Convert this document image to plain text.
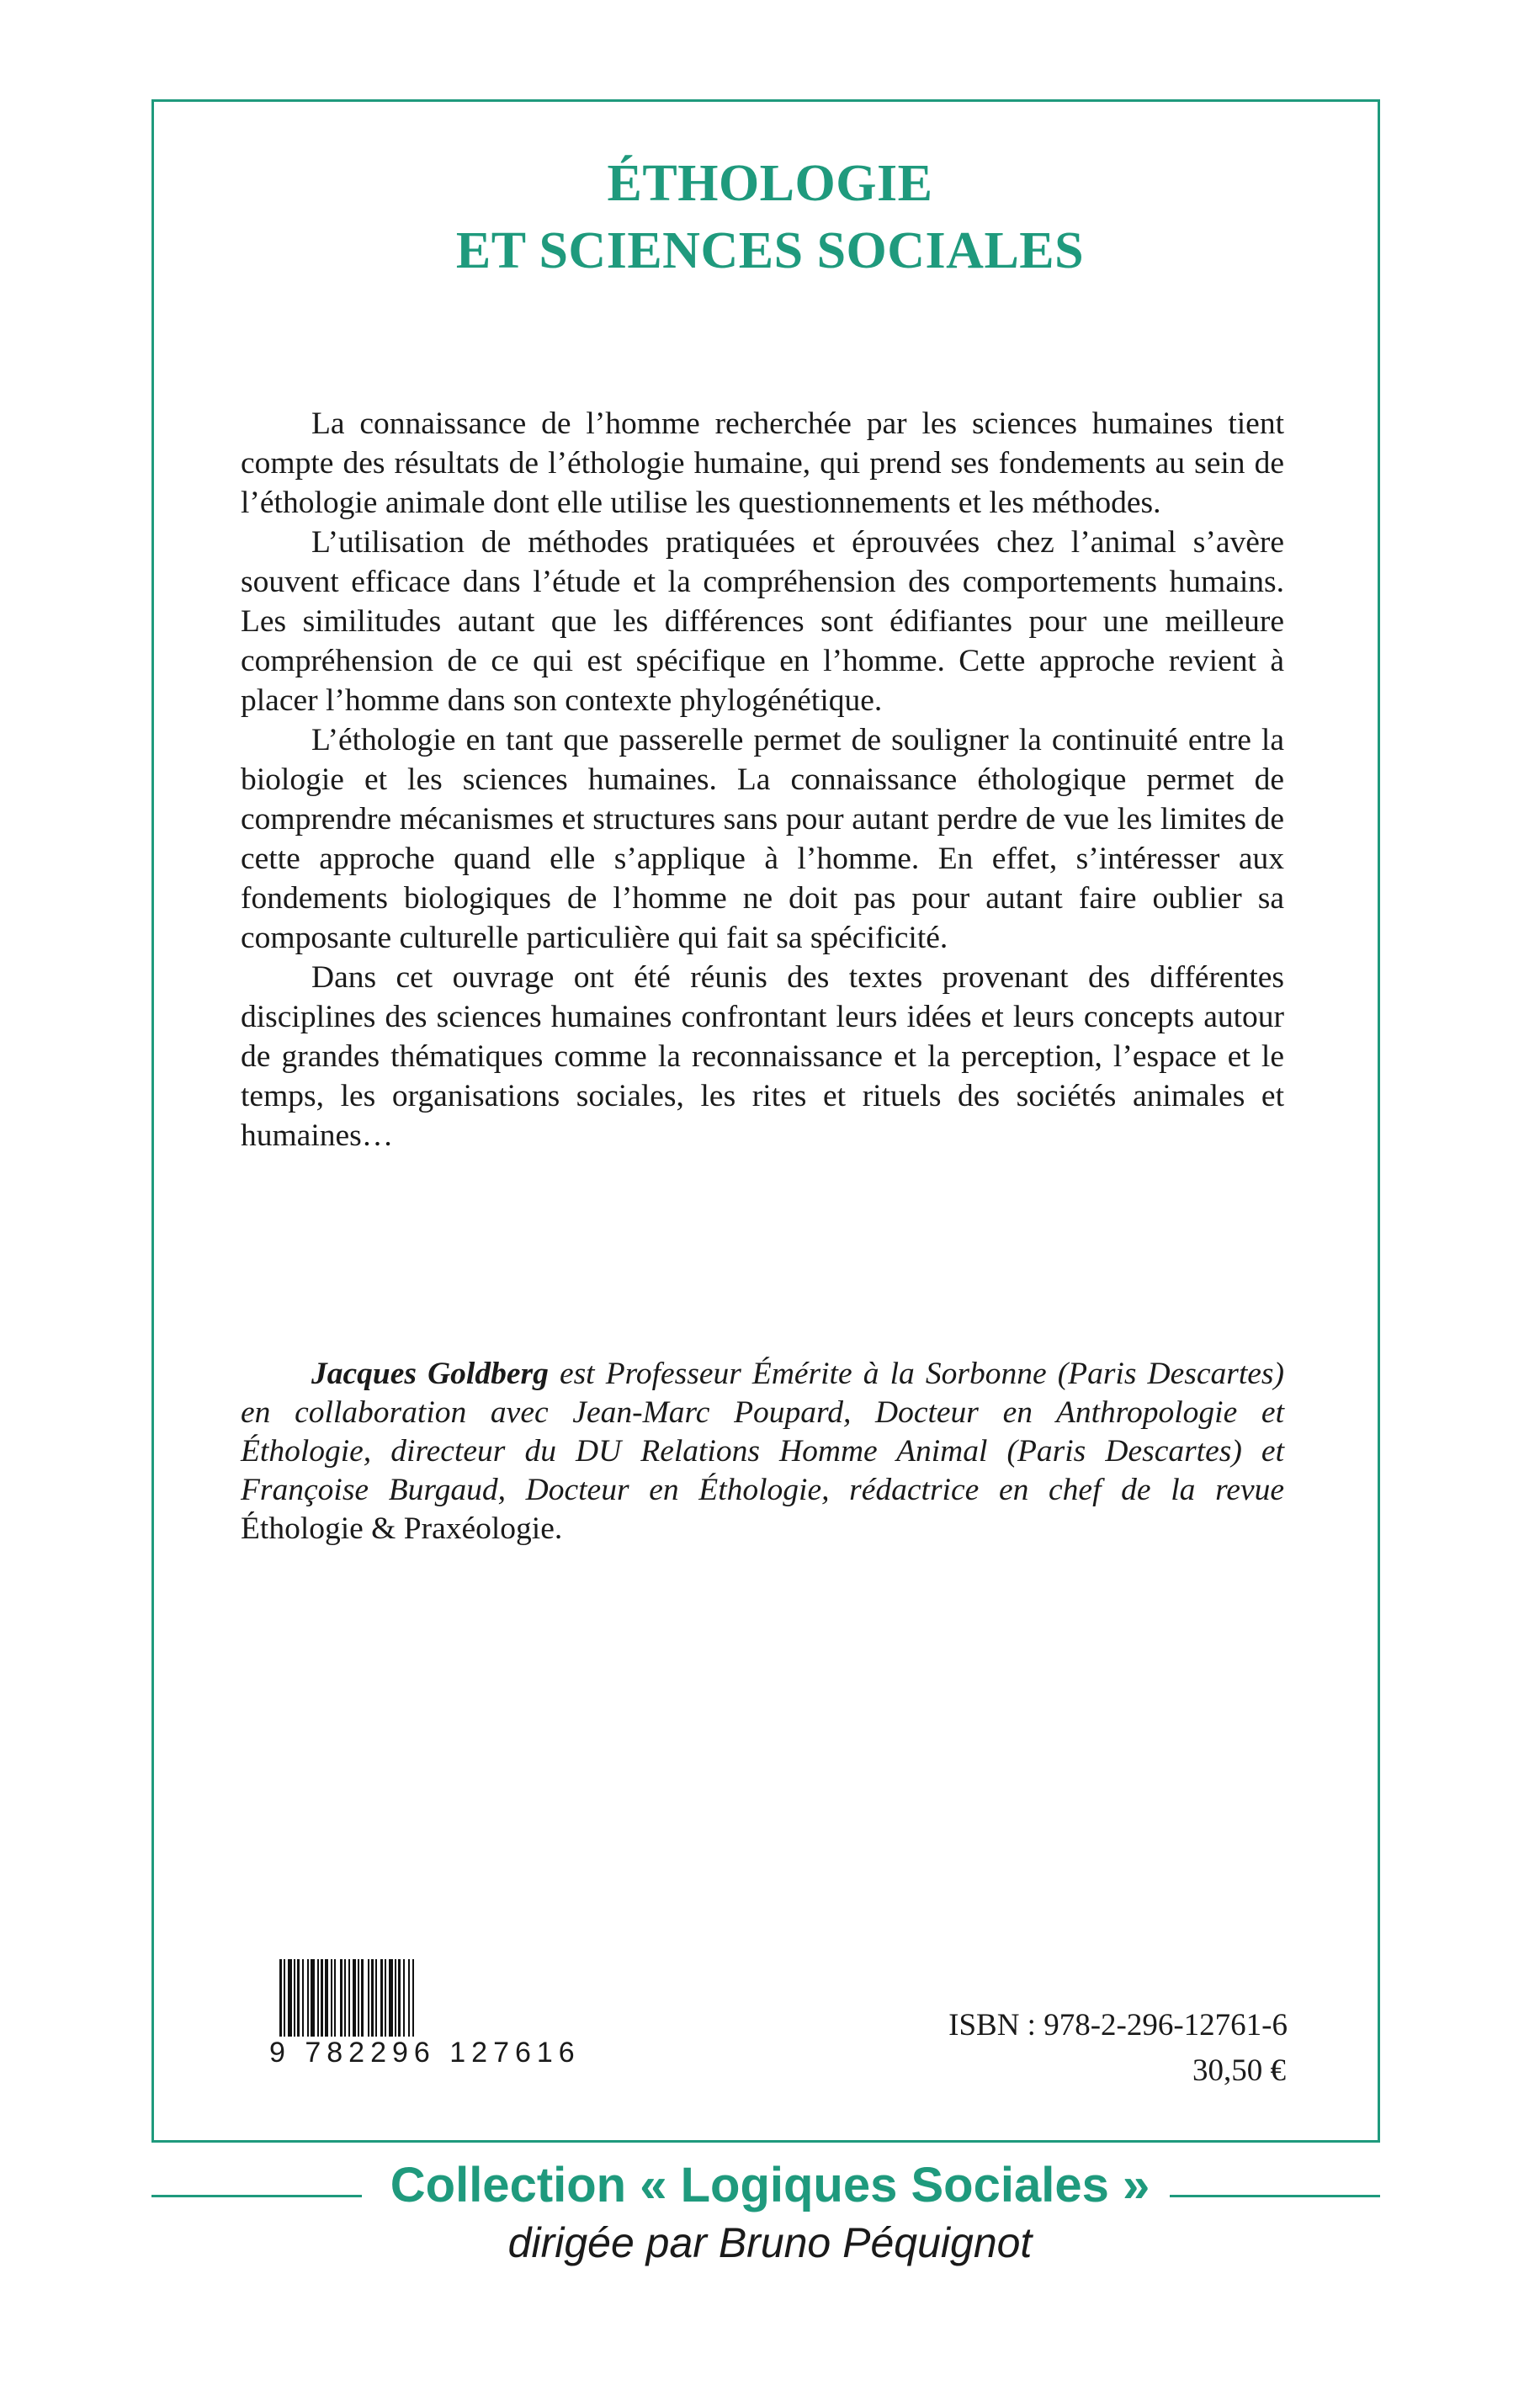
ÉTHOLOGIE
ET SCIENCES SOCIALES

La connaissance de l’homme recherchée par les sciences humaines tient compte des résultats de l’éthologie humaine, qui prend ses fondements au sein de l’éthologie animale dont elle utilise les questionnements et les méthodes.

L’utilisation de méthodes pratiquées et éprouvées chez l’animal s’avère souvent efficace dans l’étude et la compréhension des comportements humains. Les similitudes autant que les différences sont édifiantes pour une meilleure compréhension de ce qui est spécifique en l’homme. Cette approche revient à placer l’homme dans son contexte phylogénétique.

L’éthologie en tant que passerelle permet de souligner la continuité entre la biologie et les sciences humaines. La connaissance éthologique permet de comprendre mécanismes et structures sans pour autant perdre de vue les limites de cette approche quand elle s’applique à l’homme. En effet, s’intéresser aux fondements biologiques de l’homme ne doit pas pour autant faire oublier sa composante culturelle particulière qui fait sa spécificité.

Dans cet ouvrage ont été réunis des textes provenant des différentes disciplines des sciences humaines confrontant leurs idées et leurs concepts autour de grandes thématiques comme la reconnaissance et la perception, l’espace et le temps, les organisations sociales, les rites et rituels des sociétés animales et humaines…

Jacques Goldberg est Professeur Émérite à la Sorbonne (Paris Descartes) en collaboration avec Jean-Marc Poupard, Docteur en Anthropologie et Éthologie, directeur du DU Relations Homme Animal (Paris Descartes) et Françoise Burgaud, Docteur en Éthologie, rédactrice en chef de la revue Éthologie & Praxéologie.
9 782296 127616
ISBN : 978-2-296-12761-6
30,50 €
Collection « Logiques Sociales »
dirigée par Bruno Péquignot
